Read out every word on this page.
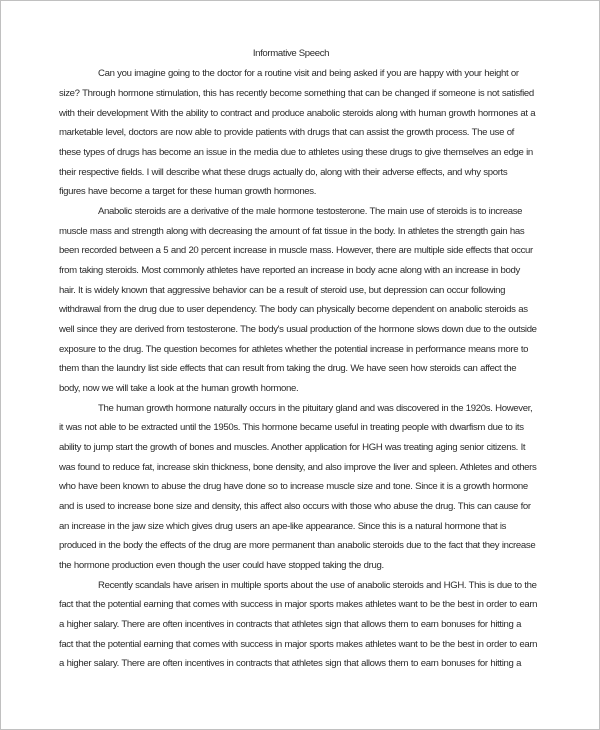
Informative Speech
Can you imagine going to the doctor for a routine visit and being asked if you are happy with your height or
size? Through hormone stimulation, this has recently become something that can be changed if someone is not satisfied
with their development With the ability to contract and produce anabolic steroids along with human growth hormones at a
marketable level, doctors are now able to provide patients with drugs that can assist the growth process. The use of
these types of drugs has become an issue in the media due to athletes using these drugs to give themselves an edge in
their respective fields. I will describe what these drugs actually do, along with their adverse effects, and why sports
figures have become a target for these human growth hormones.
Anabolic steroids are a derivative of the male hormone testosterone. The main use of steroids is to increase
muscle mass and strength along with decreasing the amount of fat tissue in the body. In athletes the strength gain has
been recorded between a 5 and 20 percent increase in muscle mass. However, there are multiple side effects that occur
from taking steroids. Most commonly athletes have reported an increase in body acne along with an increase in body
hair. It is widely known that aggressive behavior can be a result of steroid use, but depression can occur following
withdrawal from the drug due to user dependency. The body can physically become dependent on anabolic steroids as
well since they are derived from testosterone. The body's usual production of the hormone slows down due to the outside
exposure to the drug. The question becomes for athletes whether the potential increase in performance means more to
them than the laundry list side effects that can result from taking the drug. We have seen how steroids can affect the
body, now we will take a look at the human growth hormone.
The human growth hormone naturally occurs in the pituitary gland and was discovered in the 1920s. However,
it was not able to be extracted until the 1950s. This hormone became useful in treating people with dwarfism due to its
ability to jump start the growth of bones and muscles. Another application for HGH was treating aging senior citizens. It
was found to reduce fat, increase skin thickness, bone density, and also improve the liver and spleen. Athletes and others
who have been known to abuse the drug have done so to increase muscle size and tone. Since it is a growth hormone
and is used to increase bone size and density, this affect also occurs with those who abuse the drug. This can cause for
an increase in the jaw size which gives drug users an ape-like appearance. Since this is a natural hormone that is
produced in the body the effects of the drug are more permanent than anabolic steroids due to the fact that they increase
the hormone production even though the user could have stopped taking the drug.
Recently scandals have arisen in multiple sports about the use of anabolic steroids and HGH. This is due to the
fact that the potential earning that comes with success in major sports makes athletes want to be the best in order to earn
a higher salary. There are often incentives in contracts that athletes sign that allows them to earn bonuses for hitting a
fact that the potential earning that comes with success in major sports makes athletes want to be the best in order to earn
a higher salary. There are often incentives in contracts that athletes sign that allows them to earn bonuses for hitting a
